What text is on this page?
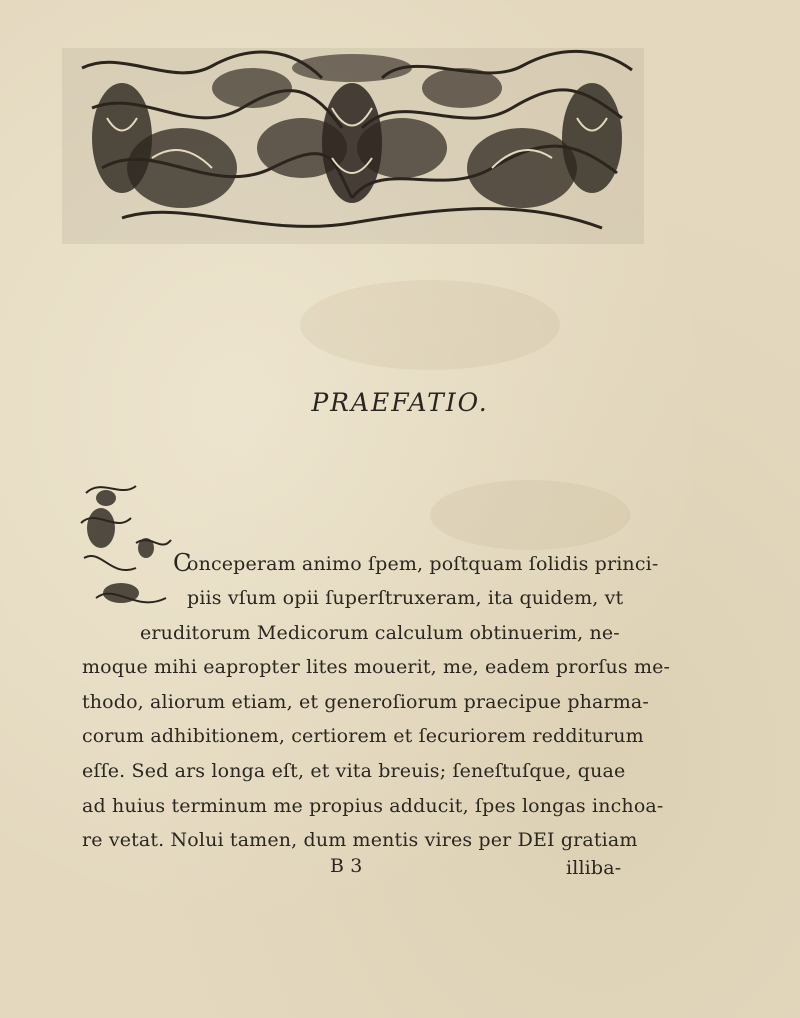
PRAEFATIO.
C
onceperam animo ſpem, poſtquam ſolidis princi-
piis vſum opii ſuperſtruxeram, ita quidem, vt
eruditorum Medicorum calculum obtinuerim, ne-
moque mihi eapropter lites mouerit, me, eadem prorſus me-
thodo, aliorum etiam, et generoſiorum praecipue pharma-
corum adhibitionem, certiorem et ſecuriorem redditurum
eſſe. Sed ars longa eſt, et vita breuis; ſeneſtuſque, quae
ad huius terminum me propius adducit, ſpes longas inchoa-
re vetat. Nolui tamen, dum mentis vires per DEI gratiam
B 3	illiba-
